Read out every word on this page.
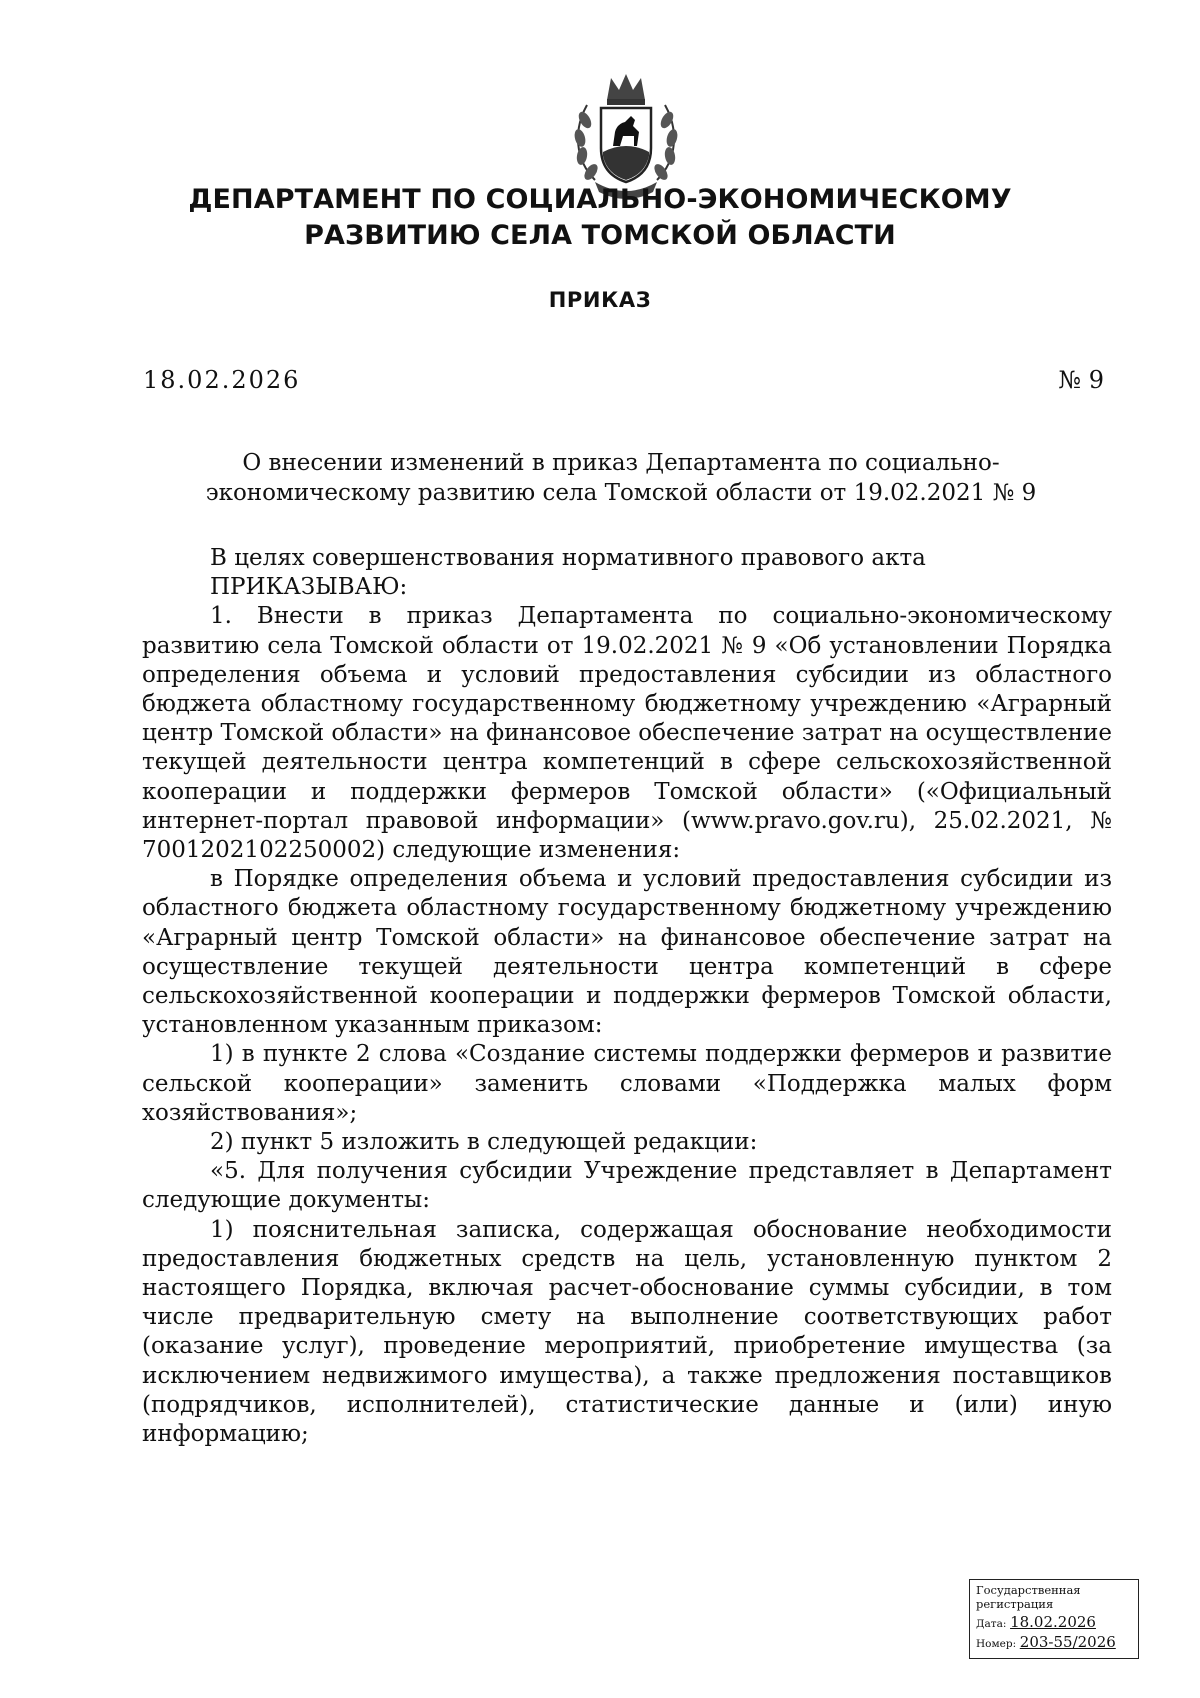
ДЕПАРТАМЕНТ ПО СОЦИАЛЬНО-ЭКОНОМИЧЕСКОМУ
РАЗВИТИЮ СЕЛА ТОМСКОЙ ОБЛАСТИ
ПРИКАЗ
18.02.2026	№ 9
О внесении изменений в приказ Департамента по социально-экономическому развитию села Томской области от 19.02.2021 № 9

В целях совершенствования нормативного правового акта

ПРИКАЗЫВАЮ:

1. Внести в приказ Департамента по социально-экономическому развитию села Томской области от 19.02.2021 № 9 «Об установлении Порядка определения объема и условий предоставления субсидии из областного бюджета областному государственному бюджетному учреждению «Аграрный центр Томской области» на финансовое обеспечение затрат на осуществление текущей деятельности центра компетенций в сфере сельскохозяйственной кооперации и поддержки фермеров Томской области» («Официальный интернет-портал правовой информации» (www.pravo.gov.ru), 25.02.2021, № 7001202102250002) следующие изменения:

в Порядке определения объема и условий предоставления субсидии из областного бюджета областному государственному бюджетному учреждению «Аграрный центр Томской области» на финансовое обеспечение затрат на осуществление текущей деятельности центра компетенций в сфере сельскохозяйственной кооперации и поддержки фермеров Томской области, установленном указанным приказом:

1) в пункте 2 слова «Создание системы поддержки фермеров и развитие сельской кооперации» заменить словами «Поддержка малых форм хозяйствования»;

2) пункт 5 изложить в следующей редакции:

«5. Для получения субсидии Учреждение представляет в Департамент следующие документы:

1) пояснительная записка, содержащая обоснование необходимости предоставления бюджетных средств на цель, установленную пунктом 2 настоящего Порядка, включая расчет-обоснование суммы субсидии, в том числе предварительную смету на выполнение соответствующих работ (оказание услуг), проведение мероприятий, приобретение имущества (за исключением недвижимого имущества), а также предложения поставщиков (подрядчиков, исполнителей), статистические данные и (или) иную информацию;

Государственная регистрация
Дата: 18.02.2026
Номер: 203-55/2026
